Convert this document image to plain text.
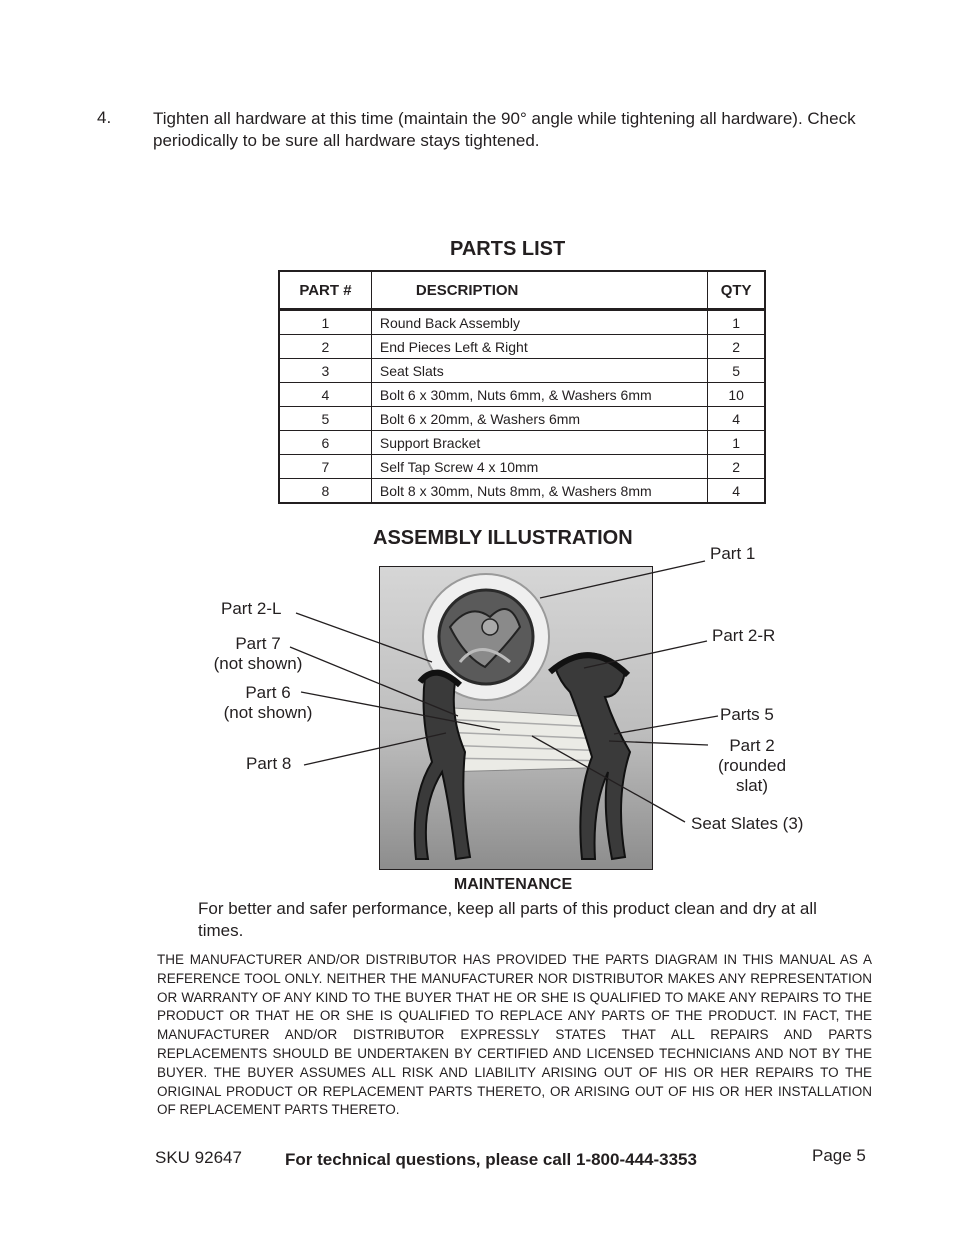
4. Tighten all hardware at this time (maintain the 90° angle while tightening all hardware). Check periodically to be sure all hardware stays tightened.
PARTS LIST
PART #	DESCRIPTION	QTY
1	Round Back Assembly	1
2	End Pieces Left & Right	2
3	Seat Slats	5
4	Bolt 6 x 30mm, Nuts 6mm, & Washers 6mm	10
5	Bolt 6 x 20mm, & Washers 6mm	4
6	Support Bracket	1
7	Self Tap Screw 4 x 10mm	2
8	Bolt 8 x 30mm, Nuts 8mm, & Washers 8mm	4
ASSEMBLY ILLUSTRATION
Part 1
Part 2-L
Part 7
(not shown)
Part 6
(not shown)
Part 8
Part 2-R
Parts 5
Part 2
(rounded
slat)
Seat Slates (3)
MAINTENANCE
For better and safer performance, keep all parts of this product clean and dry at all times.
THE MANUFACTURER AND/OR DISTRIBUTOR HAS PROVIDED THE PARTS DIAGRAM IN THIS MANUAL AS A REFERENCE TOOL ONLY. NEITHER THE MANUFACTURER NOR DISTRIBUTOR MAKES ANY REPRESENTATION OR WARRANTY OF ANY KIND TO THE BUYER THAT HE OR SHE IS QUALIFIED TO MAKE ANY REPAIRS TO THE PRODUCT OR THAT HE OR SHE IS QUALIFIED TO REPLACE ANY PARTS OF THE PRODUCT. IN FACT, THE MANUFACTURER AND/OR DISTRIBUTOR EXPRESSLY STATES THAT ALL REPAIRS AND PARTS REPLACEMENTS SHOULD BE UNDERTAKEN BY CERTIFIED AND LICENSED TECHNICIANS AND NOT BY THE BUYER. THE BUYER ASSUMES ALL RISK AND LIABILITY ARISING OUT OF HIS OR HER REPAIRS TO THE ORIGINAL PRODUCT OR REPLACEMENT PARTS THERETO, OR ARISING OUT OF HIS OR HER INSTALLATION OF REPLACEMENT PARTS THERETO.
SKU 92647	For technical questions, please call 1-800-444-3353	Page 5
